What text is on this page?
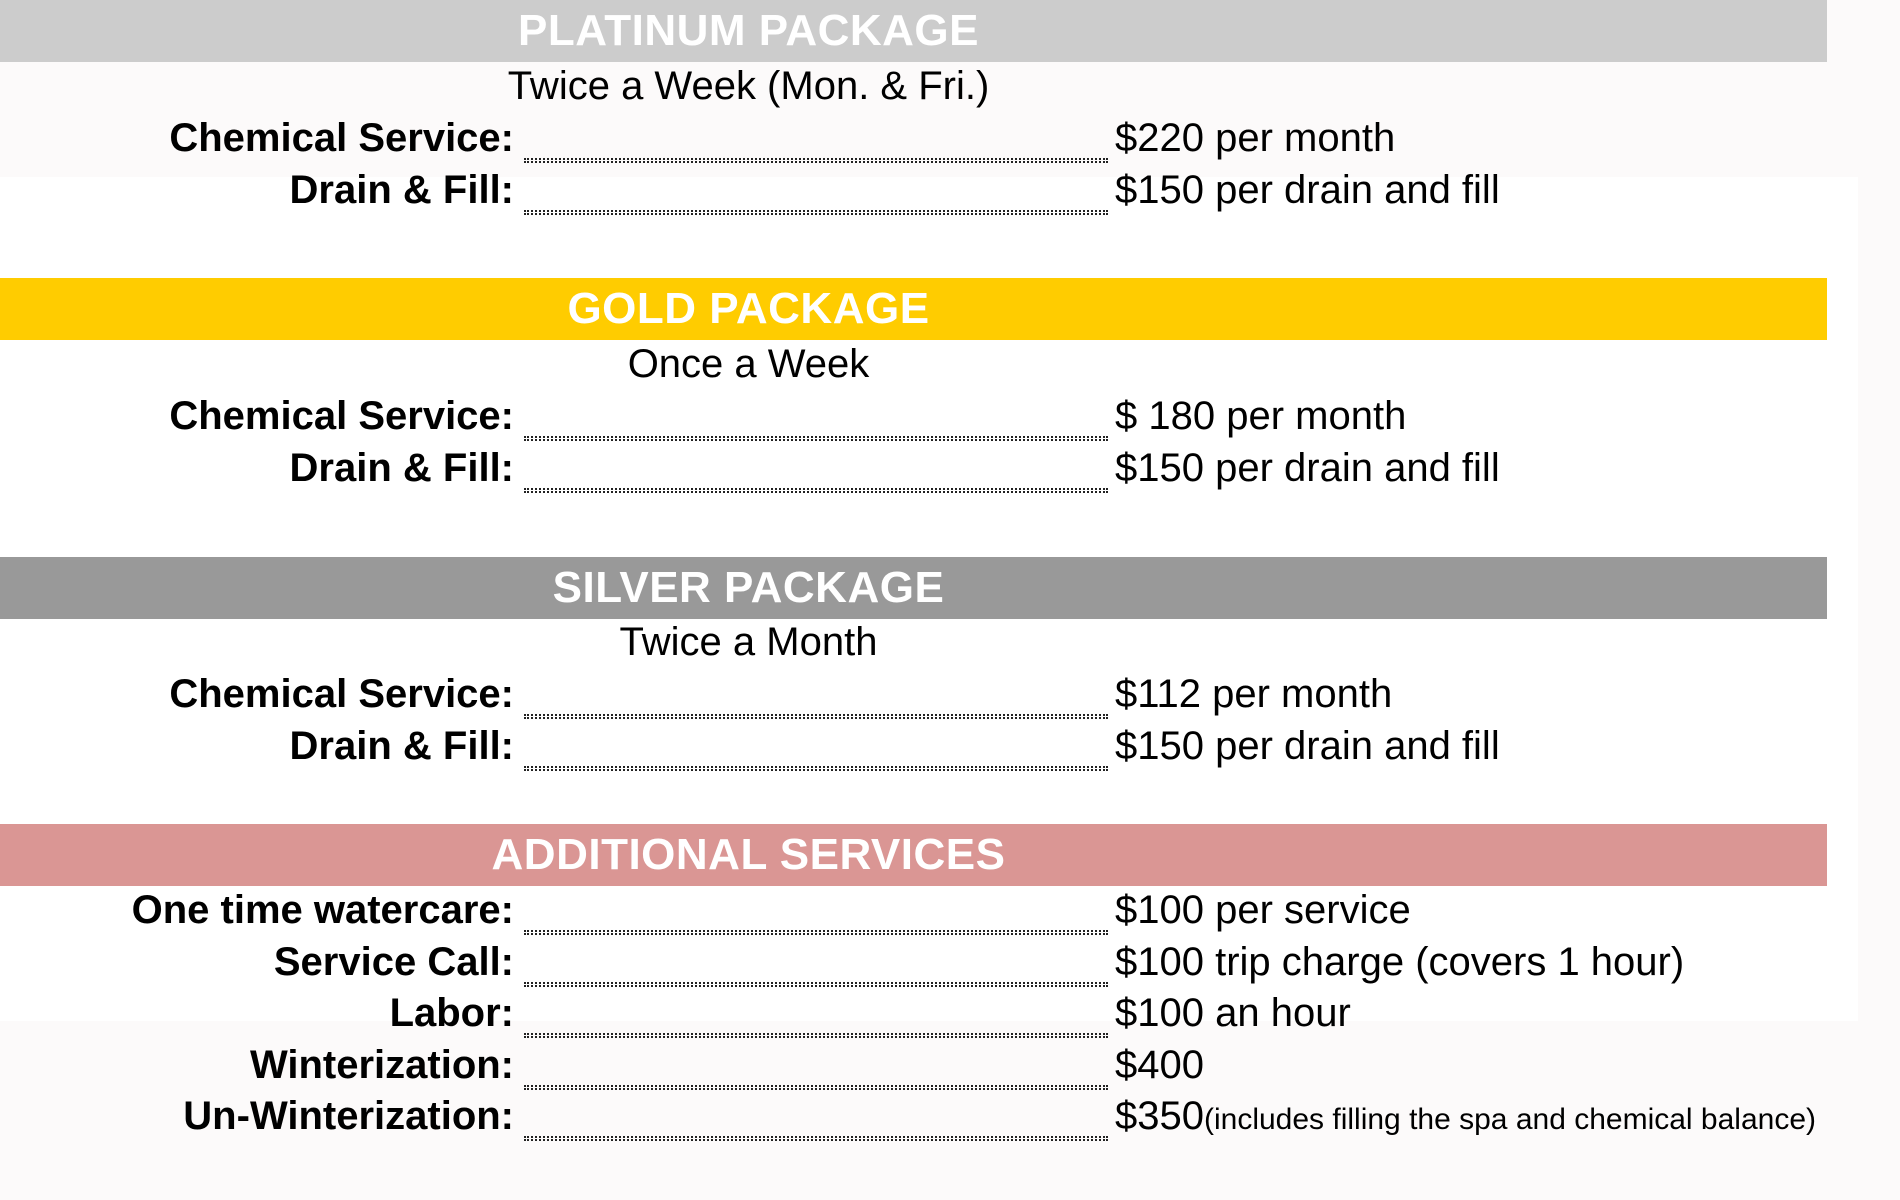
PLATINUM PACKAGE
Twice a Week (Mon. & Fri.)
Chemical Service:	$220 per month
Drain & Fill:	$150 per drain and fill
GOLD PACKAGE
Once a Week
Chemical Service:	$ 180 per month
Drain & Fill:	$150 per drain and fill
SILVER PACKAGE
Twice a Month
Chemical Service:	$112 per month
Drain & Fill:	$150 per drain and fill
ADDITIONAL SERVICES
One time watercare:	$100 per service
Service Call:	$100 trip charge (covers 1 hour)
Labor:	$100 an hour
Winterization:	$400
Un-Winterization:	$350(includes filling the spa and chemical balance)
